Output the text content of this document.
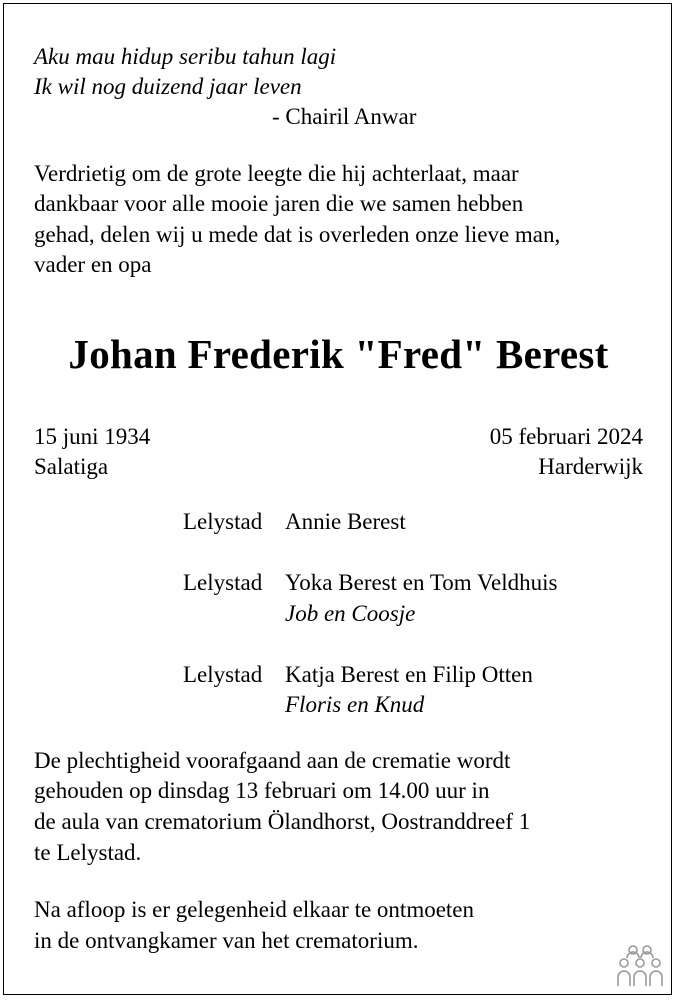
Aku mau hidup seribu tahun lagi
Ik wil nog duizend jaar leven
- Chairil Anwar
Verdrietig om de grote leegte die hij achterlaat, maar
dankbaar voor alle mooie jaren die we samen hebben
gehad, delen wij u mede dat is overleden onze lieve man,
vader en opa
Johan Frederik "Fred" Berest
15 juni 1934
Salatiga
05 februari 2024
Harderwijk
Lelystad Annie Berest
Lelystad Yoka Berest en Tom Veldhuis
Job en Coosje
Lelystad Katja Berest en Filip Otten
Floris en Knud
De plechtigheid voorafgaand aan de crematie wordt
gehouden op dinsdag 13 februari om 14.00 uur in
de aula van crematorium Ölandhorst, Oostranddreef 1
te Lelystad.
Na afloop is er gelegenheid elkaar te ontmoeten
in de ontvangkamer van het crematorium.
